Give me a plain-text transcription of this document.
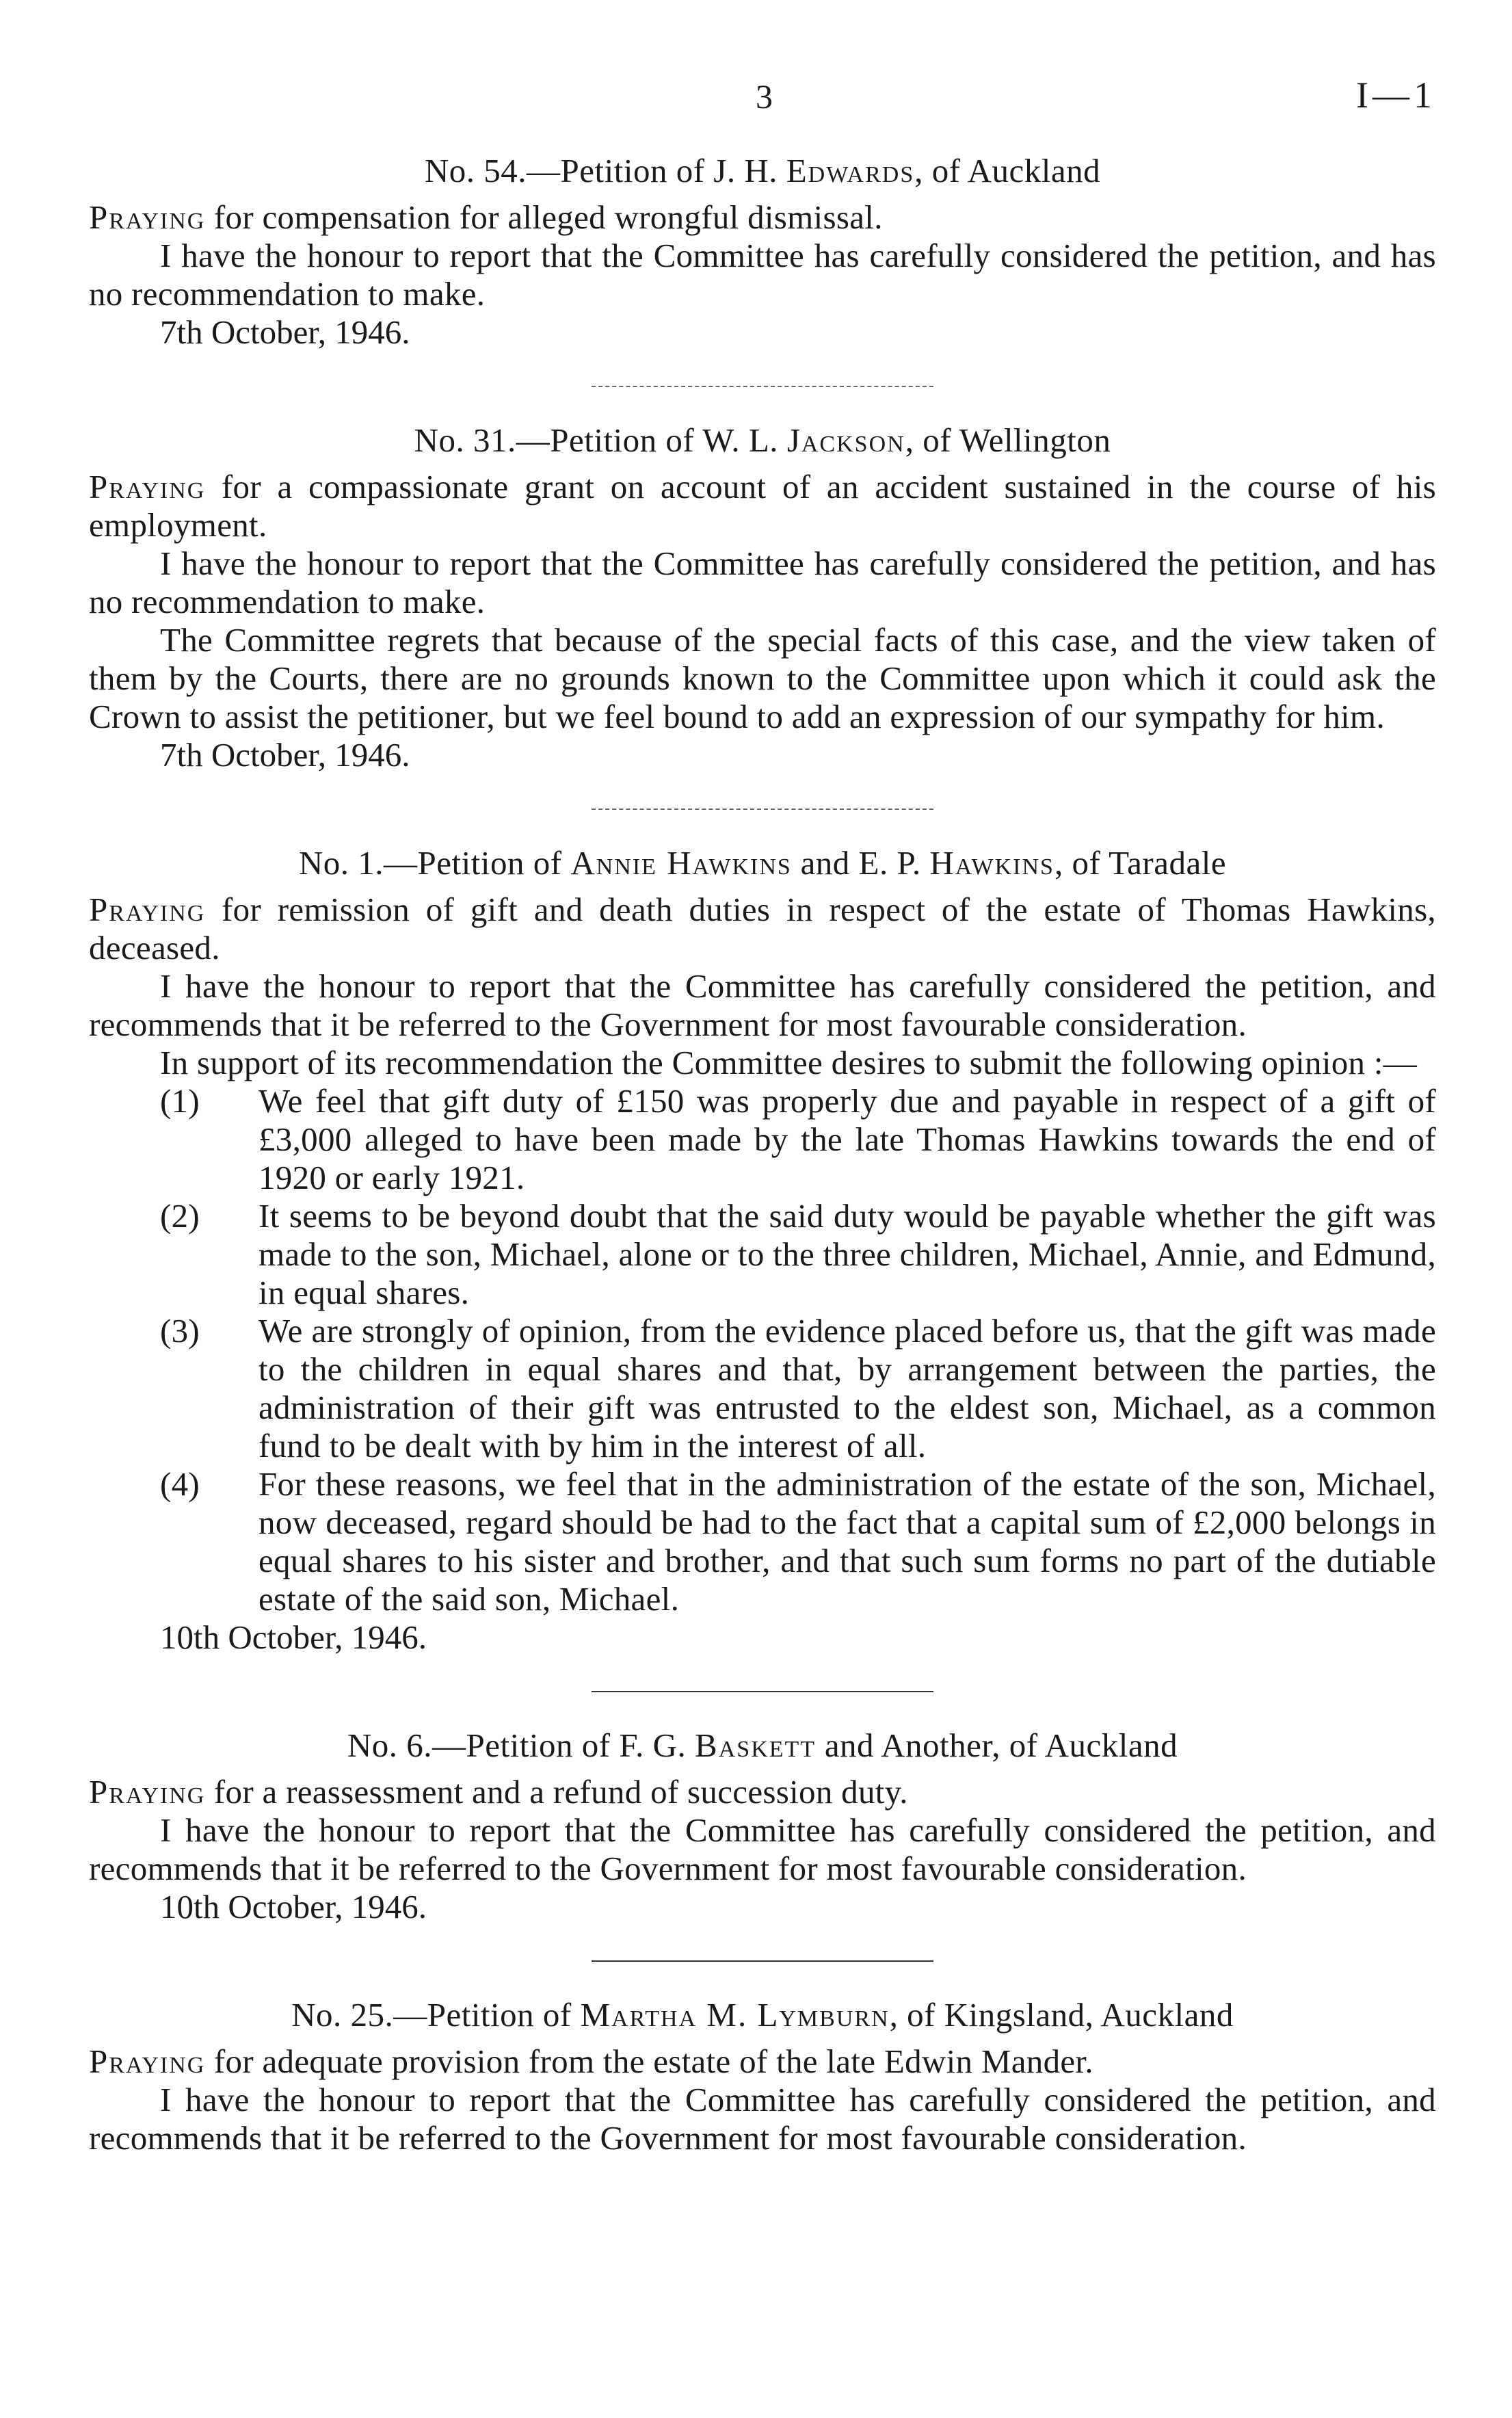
3	I—1
No. 54.—Petition of J. H. Edwards, of Auckland

Praying for compensation for alleged wrongful dismissal.

I have the honour to report that the Committee has carefully considered the petition, and has no recommendation to make.

7th October, 1946.
No. 31.—Petition of W. L. Jackson, of Wellington

Praying for a compassionate grant on account of an accident sustained in the course of his employment.

I have the honour to report that the Committee has carefully considered the petition, and has no recommendation to make.

The Committee regrets that because of the special facts of this case, and the view taken of them by the Courts, there are no grounds known to the Committee upon which it could ask the Crown to assist the petitioner, but we feel bound to add an expression of our sympathy for him.

7th October, 1946.
No. 1.—Petition of Annie Hawkins and E. P. Hawkins, of Taradale

Praying for remission of gift and death duties in respect of the estate of Thomas Hawkins, deceased.

I have the honour to report that the Committee has carefully considered the petition, and recommends that it be referred to the Government for most favourable consideration.

In support of its recommendation the Committee desires to submit the following opinion :—

(1) We feel that gift duty of £150 was properly due and payable in respect of a gift of £3,000 alleged to have been made by the late Thomas Hawkins towards the end of 1920 or early 1921.
(2) It seems to be beyond doubt that the said duty would be payable whether the gift was made to the son, Michael, alone or to the three children, Michael, Annie, and Edmund, in equal shares.
(3) We are strongly of opinion, from the evidence placed before us, that the gift was made to the children in equal shares and that, by arrangement between the parties, the administration of their gift was entrusted to the eldest son, Michael, as a common fund to be dealt with by him in the interest of all.
(4) For these reasons, we feel that in the administration of the estate of the son, Michael, now deceased, regard should be had to the fact that a capital sum of £2,000 belongs in equal shares to his sister and brother, and that such sum forms no part of the dutiable estate of the said son, Michael.
10th October, 1946.
No. 6.—Petition of F. G. Baskett and Another, of Auckland

Praying for a reassessment and a refund of succession duty.

I have the honour to report that the Committee has carefully considered the petition, and recommends that it be referred to the Government for most favourable consideration.

10th October, 1946.
No. 25.—Petition of Martha M. Lymburn, of Kingsland, Auckland

Praying for adequate provision from the estate of the late Edwin Mander.

I have the honour to report that the Committee has carefully considered the petition, and recommends that it be referred to the Government for most favourable consideration.
